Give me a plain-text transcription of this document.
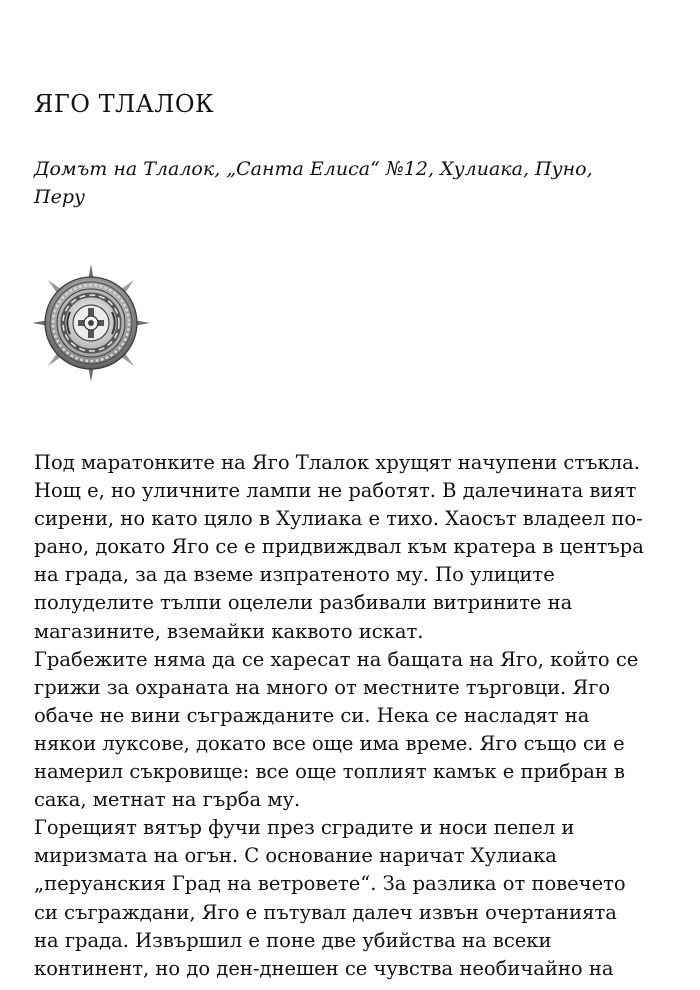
ЯГО ТЛАЛОК

Домът на Тлалок, „Санта Елиса“ №12, Хулиака, Пуно,
Перу

Под маратонките на Яго Тлалок хрущят начупени стъкла.
Нощ е, но уличните лампи не работят. В далечината вият
сирени, но като цяло в Хулиака е тихо. Хаосът владеел по-
рано, докато Яго се е придвиждвал към кратера в центъра
на града, за да вземе изпратеното му. По улиците
полуделите тълпи оцелели разбивали витрините на
магазините, вземайки каквото искат.

Грабежите няма да се харесат на бащата на Яго, който се
грижи за охраната на много от местните търговци. Яго
обаче не вини съгражданите си. Нека се насладят на
някои луксове, докато все още има време. Яго също си е
намерил съкровище: все още топлият камък е прибран в
сака, метнат на гърба му.

Горещият вятър фучи през сградите и носи пепел и
миризмата на огън. С основание наричат Хулиака
„перуанския Град на ветровете“. За разлика от повечето
си съграждани, Яго е пътувал далеч извън очертанията
на града. Извършил е поне две убийства на всеки
континент, но до ден-днешен се чувства необичайно на
